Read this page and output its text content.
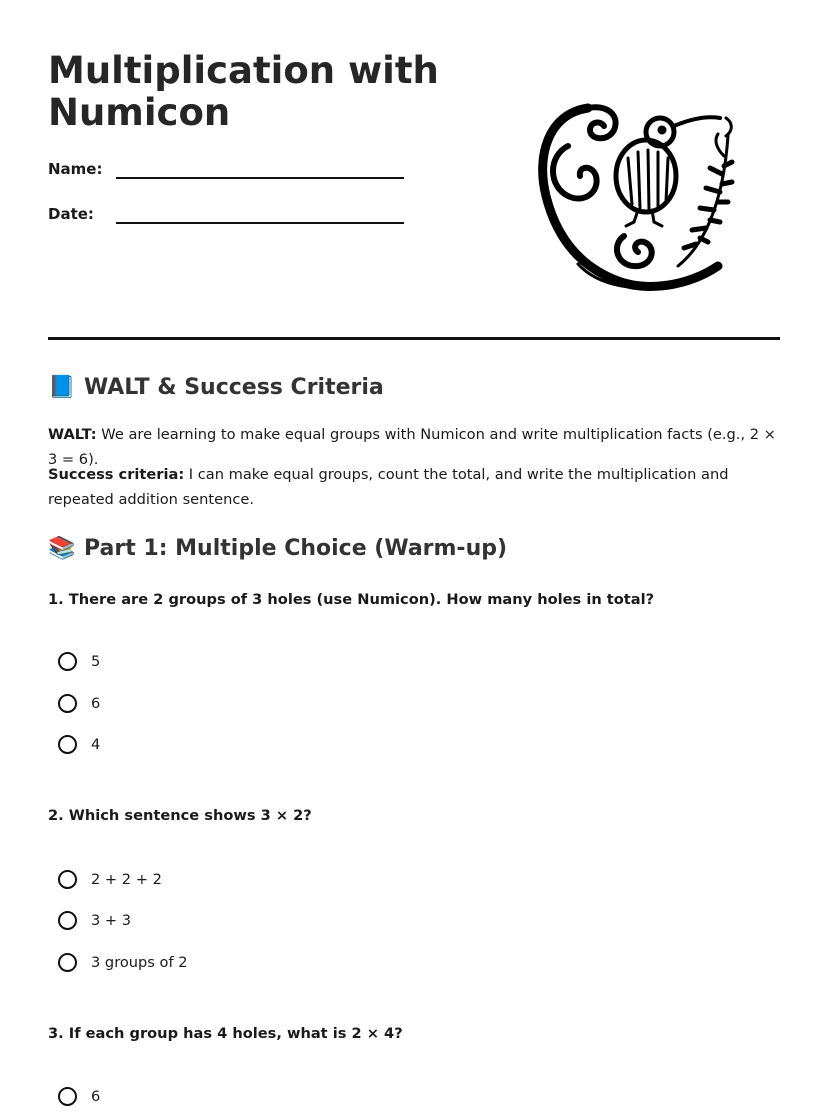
Multiplication with Numicon
Name:
Date:
📘 WALT & Success Criteria

WALT: We are learning to make equal groups with Numicon and write multiplication facts (e.g., 2 × 3 = 6).

Success criteria: I can make equal groups, count the total, and write the multiplication and repeated addition sentence.

📚 Part 1: Multiple Choice (Warm-up)

1. There are 2 groups of 3 holes (use Numicon). How many holes in total?

5
6
4

2. Which sentence shows 3 × 2?

2 + 2 + 2
3 + 3
3 groups of 2

3. If each group has 4 holes, what is 2 × 4?

6
